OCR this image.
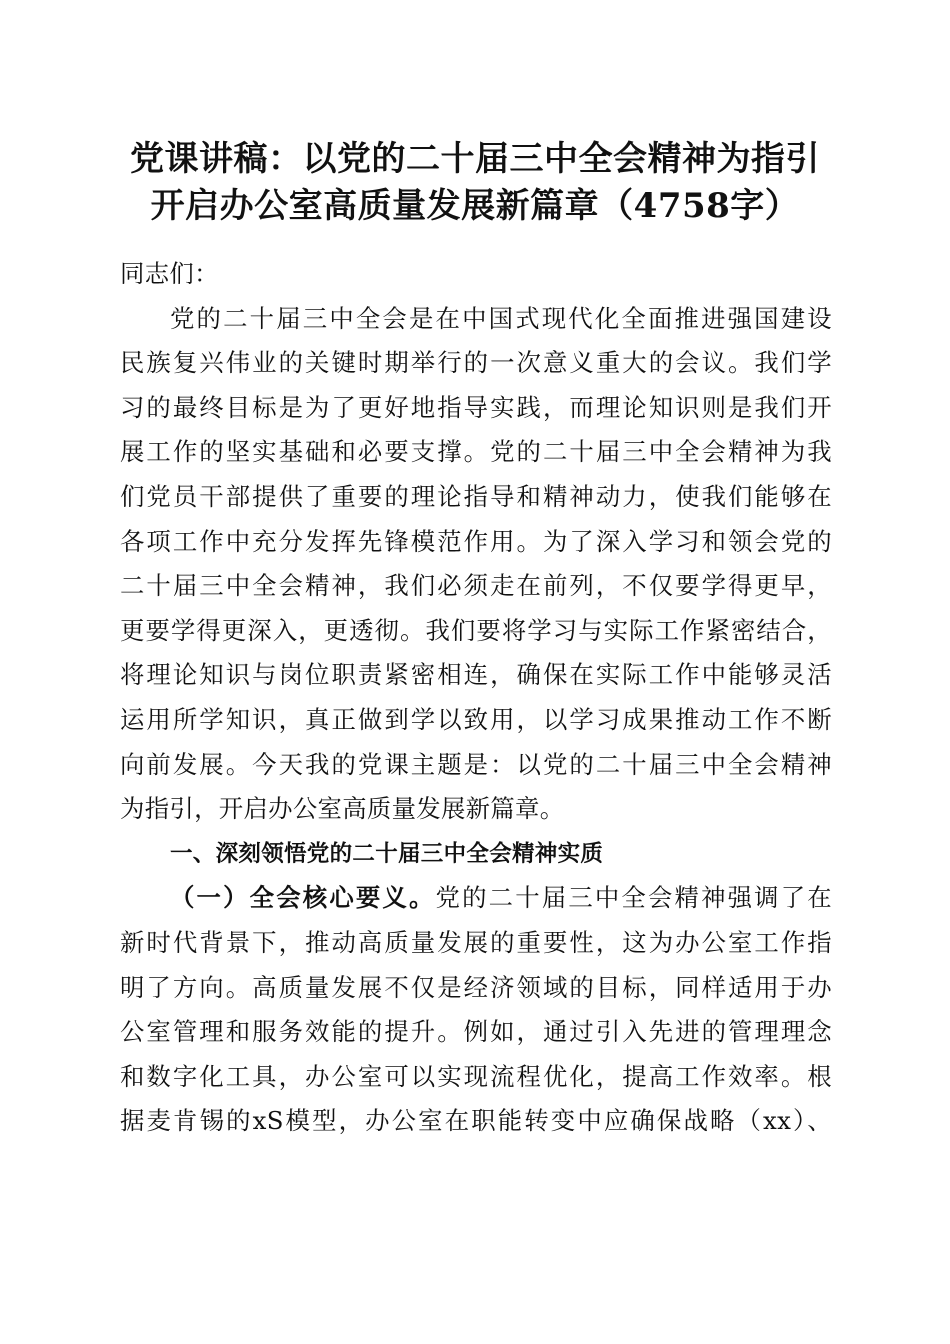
党课讲稿：以党的二十届三中全会精神为指引
开启办公室高质量发展新篇章（4758字）
同志们：
党的二十届三中全会是在中国式现代化全面推进强国建设
民族复兴伟业的关键时期举行的一次意义重大的会议。我们学
习的最终目标是为了更好地指导实践，而理论知识则是我们开
展工作的坚实基础和必要支撑。党的二十届三中全会精神为我
们党员干部提供了重要的理论指导和精神动力，使我们能够在
各项工作中充分发挥先锋模范作用。为了深入学习和领会党的
二十届三中全会精神，我们必须走在前列，不仅要学得更早，
更要学得更深入，更透彻。我们要将学习与实际工作紧密结合，
将理论知识与岗位职责紧密相连，确保在实际工作中能够灵活
运用所学知识，真正做到学以致用，以学习成果推动工作不断
向前发展。今天我的党课主题是：以党的二十届三中全会精神
为指引，开启办公室高质量发展新篇章。
一、深刻领悟党的二十届三中全会精神实质
（一）全会核心要义。党的二十届三中全会精神强调了在
新时代背景下，推动高质量发展的重要性，这为办公室工作指
明了方向。高质量发展不仅是经济领域的目标，同样适用于办
公室管理和服务效能的提升。例如，通过引入先进的管理理念
和数字化工具，办公室可以实现流程优化，提高工作效率。根
据麦肯锡的xS模型，办公室在职能转变中应确保战略（xx）、
